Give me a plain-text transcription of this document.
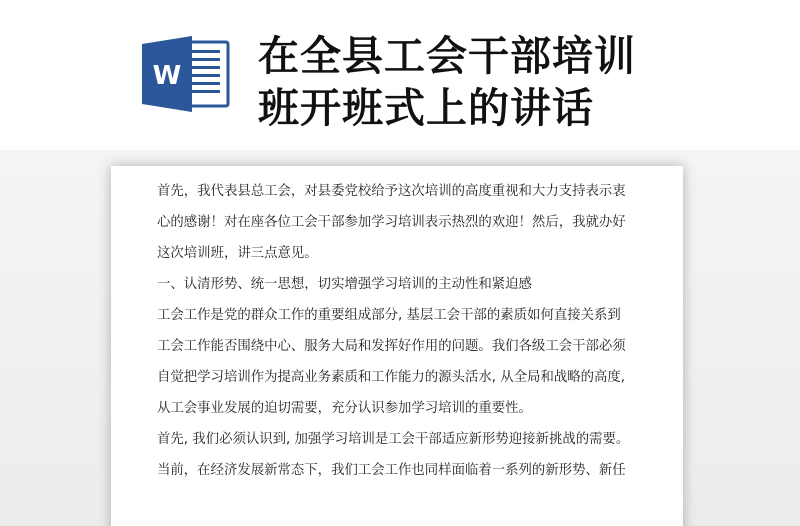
W 在全县工会干部培训
班开班式上的讲话
首先，我代表县总工会，对县委党校给予这次培训的高度重视和大力支持表示衷
心的感谢！对在座各位工会干部参加学习培训表示热烈的欢迎！然后，我就办好
这次培训班，讲三点意见。
一、认清形势、统一思想，切实增强学习培训的主动性和紧迫感
工会工作是党的群众工作的重要组成部分, 基层工会干部的素质如何直接关系到
工会工作能否围绕中心、服务大局和发挥好作用的问题。我们各级工会干部必须
自觉把学习培训作为提高业务素质和工作能力的源头活水, 从全局和战略的高度,
从工会事业发展的迫切需要，充分认识参加学习培训的重要性。
首先, 我们必须认识到, 加强学习培训是工会干部适应新形势迎接新挑战的需要。
当前，在经济发展新常态下，我们工会工作也同样面临着一系列的新形势、新任
